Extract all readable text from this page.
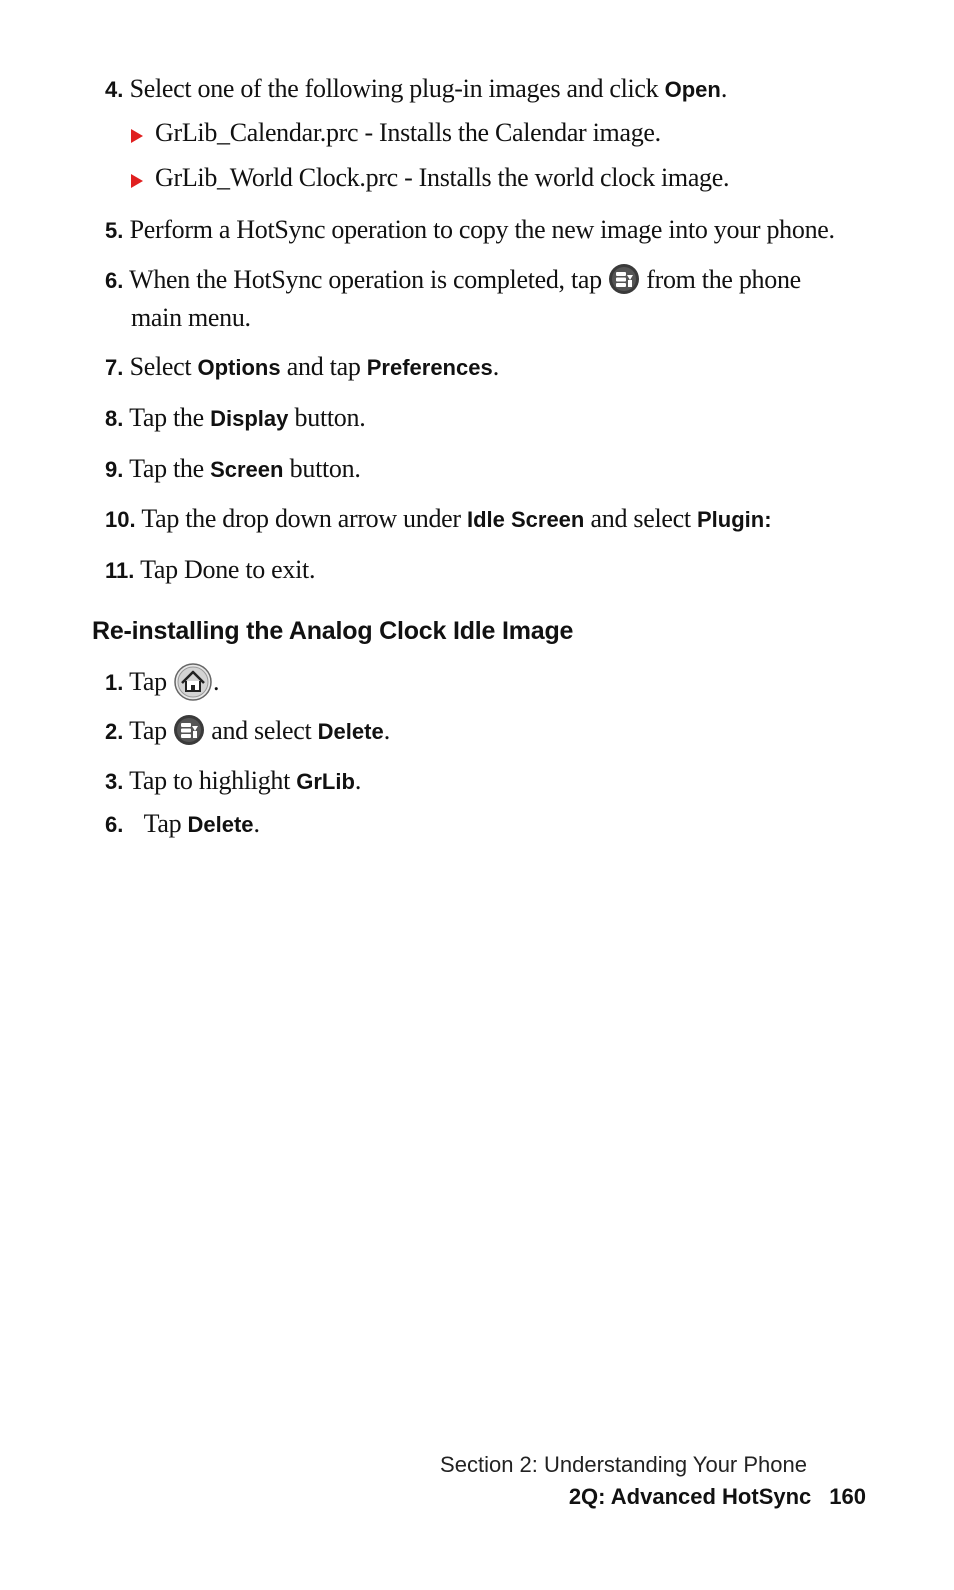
4. Select one of the following plug-in images and click Open.
GrLib_Calendar.prc - Installs the Calendar image.
GrLib_World Clock.prc - Installs the world clock image.
5. Perform a HotSync operation to copy the new image into your phone.
6. When the HotSync operation is completed, tap  from the phone
main menu.
7. Select Options and tap Preferences.
8. Tap the Display button.
9. Tap the Screen button.
10. Tap the drop down arrow under Idle Screen and select Plugin:
11. Tap Done to exit.
Re-installing the Analog Clock Idle Image
1. Tap .
2. Tap  and select Delete.
3. Tap to highlight GrLib.
6. Tap Delete.
Section 2: Understanding Your Phone
2Q: Advanced HotSync 160
